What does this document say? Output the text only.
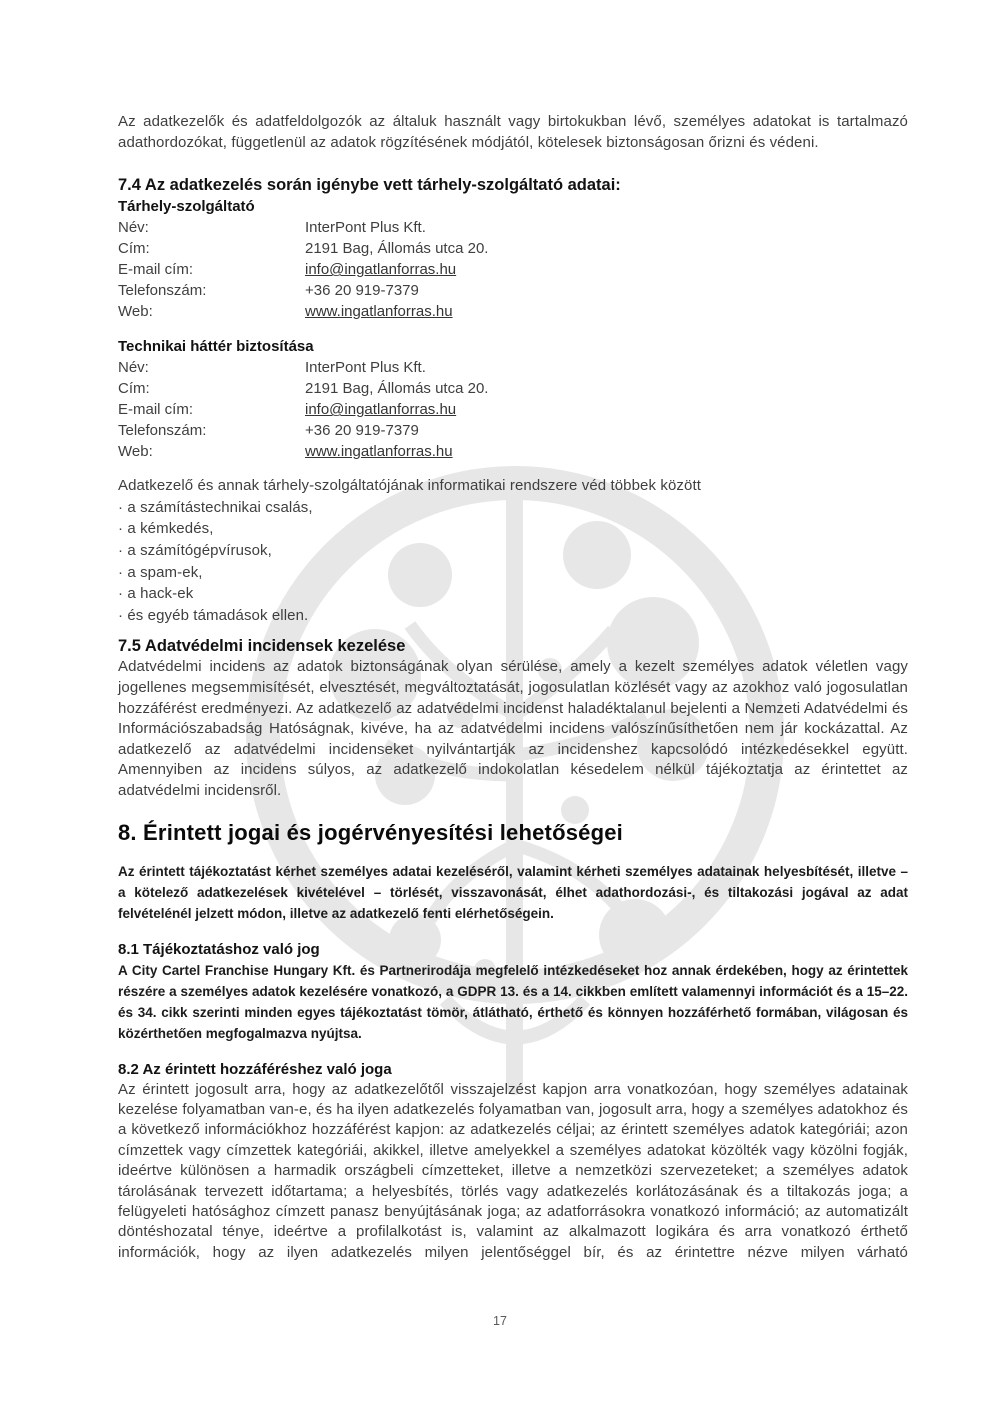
Az adatkezelők és adatfeldolgozók az általuk használt vagy birtokukban lévő, személyes adatokat is tartalmazó adathordozókat, függetlenül az adatok rögzítésének módjától, kötelesek biztonságosan őrizni és védeni.

7.4 Az adatkezelés során igénybe vett tárhely-szolgáltató adatai:
Tárhely-szolgáltató
Név:	InterPont Plus Kft.
Cím:	2191 Bag, Állomás utca 20.
E-mail cím:	info@ingatlanforras.hu
Telefonszám:	+36 20 919-7379
Web:	www.ingatlanforras.hu
Technikai háttér biztosítása
Név:	InterPont Plus Kft.
Cím:	2191 Bag, Állomás utca 20.
E-mail cím:	info@ingatlanforras.hu
Telefonszám:	+36 20 919-7379
Web:	www.ingatlanforras.hu

Adatkezelő és annak tárhely-szolgáltatójának informatikai rendszere véd többek között

· a számítástechnikai csalás,
· a kémkedés,
· a számítógépvírusok,
· a spam-ek,
· a hack-ek
· és egyéb támadások ellen.
7.5 Adatvédelmi incidensek kezelése

Adatvédelmi incidens az adatok biztonságának olyan sérülése, amely a kezelt személyes adatok véletlen vagy jogellenes megsemmisítését, elvesztését, megváltoztatását, jogosulatlan közlését vagy az azokhoz való jogosulatlan hozzáférést eredményezi. Az adatkezelő az adatvédelmi incidenst haladéktalanul bejelenti a Nemzeti Adatvédelmi és Információszabadság Hatóságnak, kivéve, ha az adatvédelmi incidens valószínűsíthetően nem jár kockázattal. Az adatkezelő az adatvédelmi incidenseket nyilvántartják az incidenshez kapcsolódó intézkedésekkel együtt. Amennyiben az incidens súlyos, az adatkezelő indokolatlan késedelem nélkül tájékoztatja az érintettet az adatvédelmi incidensről.

8. Érintett jogai és jogérvényesítési lehetőségei

Az érintett tájékoztatást kérhet személyes adatai kezeléséről, valamint kérheti személyes adatainak helyesbítését, illetve – a kötelező adatkezelések kivételével – törlését, visszavonását, élhet adathordozási-, és tiltakozási jogával az adat felvételénél jelzett módon, illetve az adatkezelő fenti elérhetőségein.

8.1 Tájékoztatáshoz való jog

A City Cartel Franchise Hungary Kft. és Partnerirodája megfelelő intézkedéseket hoz annak érdekében, hogy az érintettek részére a személyes adatok kezelésére vonatkozó, a GDPR 13. és a 14. cikkben említett valamennyi információt és a 15–22. és 34. cikk szerinti minden egyes tájékoztatást tömör, átlátható, érthető és könnyen hozzáférhető formában, világosan és közérthetően megfogalmazva nyújtsa.

8.2 Az érintett hozzáféréshez való joga

Az érintett jogosult arra, hogy az adatkezelőtől visszajelzést kapjon arra vonatkozóan, hogy személyes adatainak kezelése folyamatban van-e, és ha ilyen adatkezelés folyamatban van, jogosult arra, hogy a személyes adatokhoz és a következő információkhoz hozzáférést kapjon: az adatkezelés céljai; az érintett személyes adatok kategóriái; azon címzettek vagy címzettek kategóriái, akikkel, illetve amelyekkel a személyes adatokat közölték vagy közölni fogják, ideértve különösen a harmadik országbeli címzetteket, illetve a nemzetközi szervezeteket; a személyes adatok tárolásának tervezett időtartama; a helyesbítés, törlés vagy adatkezelés korlátozásának és a tiltakozás joga; a felügyeleti hatósághoz címzett panasz benyújtásának joga; az adatforrásokra vonatkozó információ; az automatizált döntéshozatal ténye, ideértve a profilalkotást is, valamint az alkalmazott logikára és arra vonatkozó érthető információk, hogy az ilyen adatkezelés milyen jelentőséggel bír, és az érintettre nézve milyen várható

17
